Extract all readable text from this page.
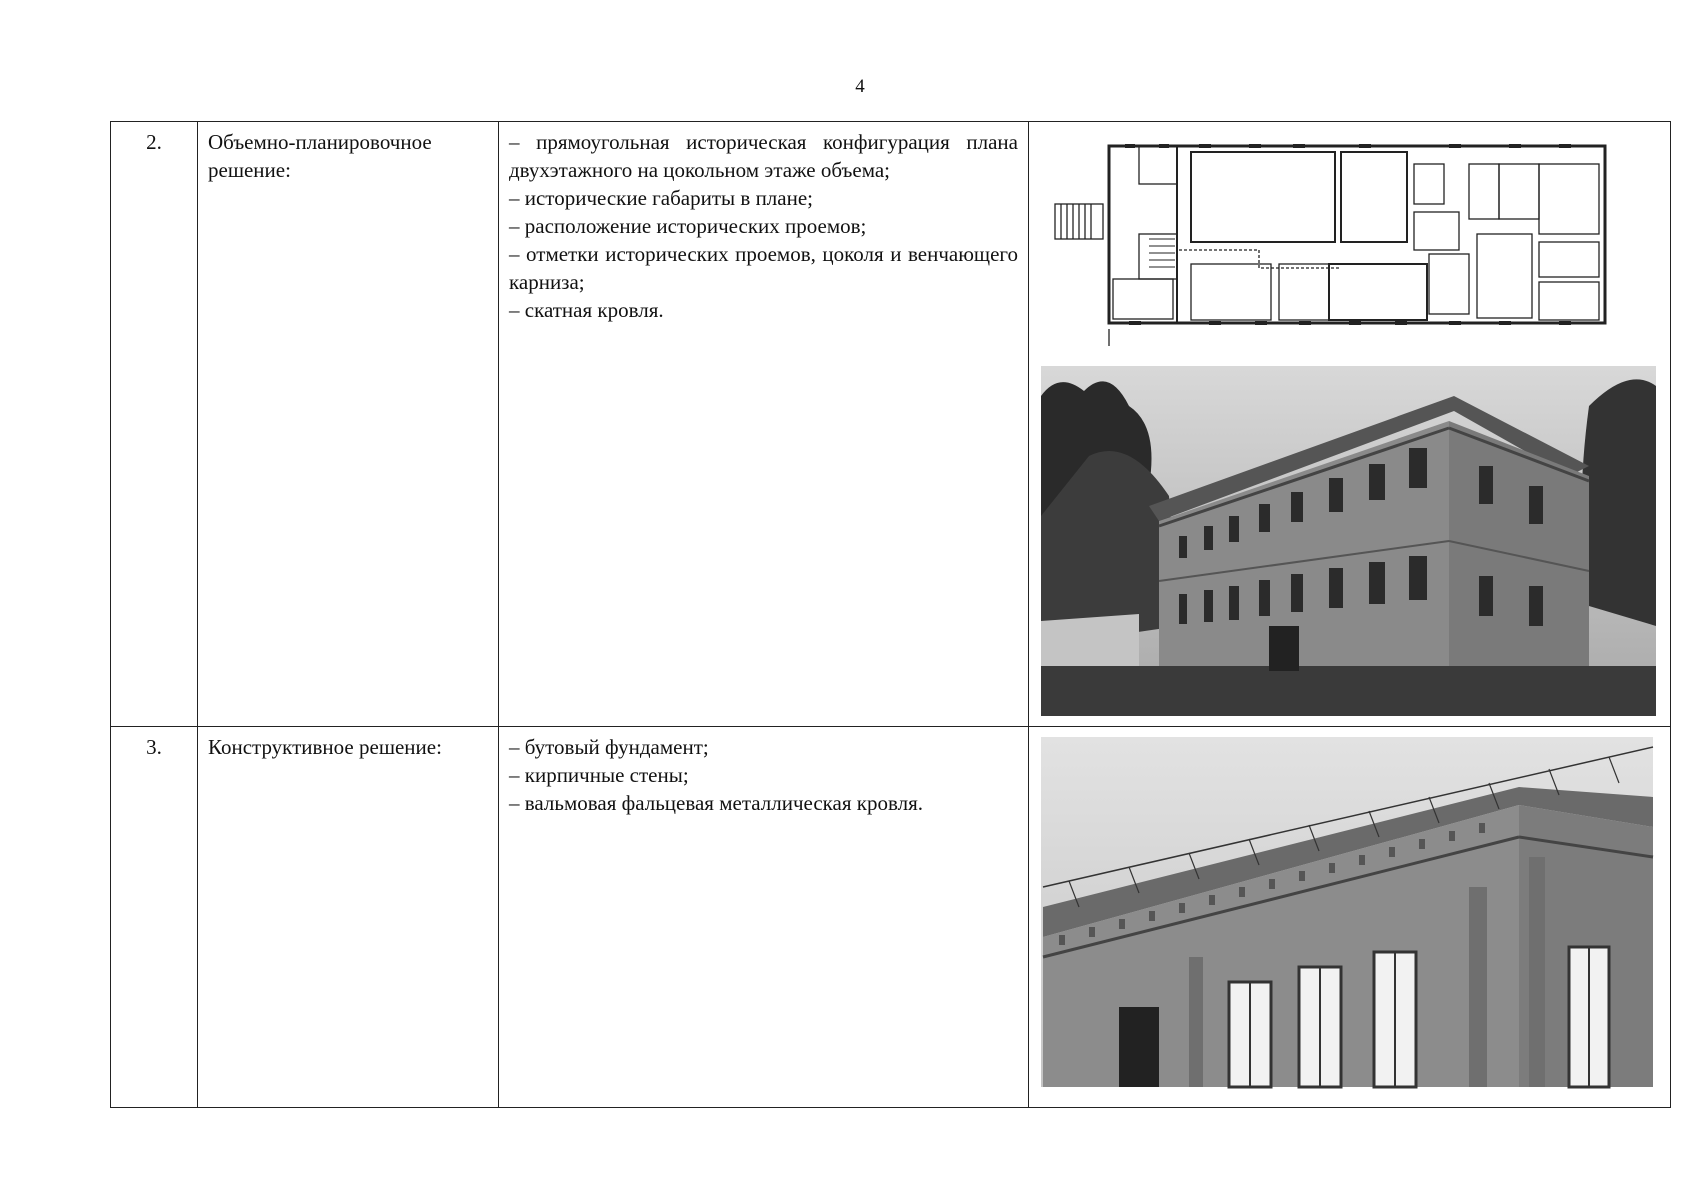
4
2.	Объемно-планировочное решение:	– прямоугольная историческая конфигурация плана двухэтажного на цокольном этаже объема;
– исторические габариты в плане;
– расположение исторических проемов;
– отметки исторических проемов, цоколя и венчающего карниза;
– скатная кровля.

3.	Конструктивное решение:	– бутовый фундамент;
– кирпичные стены;
– вальмовая фальцевая металлическая кровля.
